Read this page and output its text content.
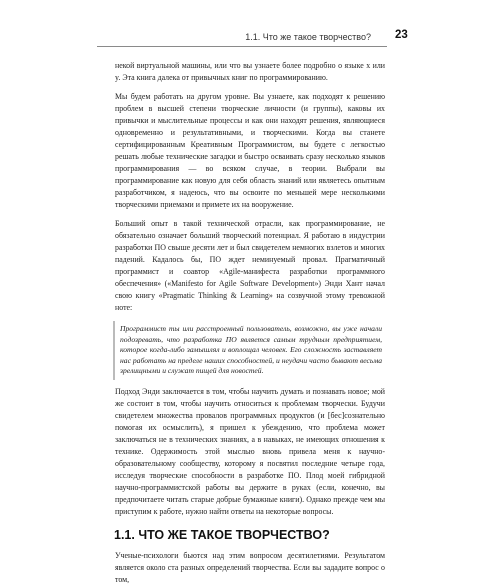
1.1. Что же такое творчество? 23

некой виртуальной машины, или что вы узнаете более подробно о языке x или y. Эта книга далека от привычных книг по программированию.

Мы будем работать на другом уровне. Вы узнаете, как подходят к решению проблем в высшей степени творческие личности (и группы), каковы их привычки и мыслительные процессы и как они находят решения, являющиеся одновременно и результативными, и творческими. Когда вы станете сертифицированным Креативным Программистом, вы будете с легкостью решать любые технические загадки и быстро осваивать сразу несколько языков программирования — во всяком случае, в теории. Выбрали вы программирование как новую для себя область знаний или являетесь опытным разработчиком, я надеюсь, что вы освоите по меньшей мере несколькими творческими приемами и примете их на вооружение.

Больший опыт в такой технической отрасли, как программирование, не обязательно означает больший творческий потенциал. Я работаю в индустрии разработки ПО свыше десяти лет и был свидетелем немногих взлетов и многих падений. Кадалось бы, ПО ждет неминуемый провал. Прагматичный программист и соавтор «Agile-манифеста разработки программного обеспечения» («Manifesto for Agile Software Development») Энди Хант начал свою книгу «Pragmatic Thinking & Learning» на созвучной этому тревожной ноте:

Программист ты или расстроенный пользователь, возможно, вы уже начали подозревать, что разработка ПО является самым трудным предприятием, которое когда-либо замышлял и воплощал человек. Его сложность заставляет нас работать на пределе наших способностей, и неудачи часто бывают весьма зрелищными и служат пищей для новостей.

Подход Энди заключается в том, чтобы научить думать и познавать новое; мой же состоит в том, чтобы научить относиться к проблемам творчески. Будучи свидетелем множества провалов программных продуктов (и [бес]сознательно помогая их осмыслить), я пришел к убеждению, что проблема может заключаться не в технических знаниях, а в навыках, не имеющих отношения к технике. Одержимость этой мыслью вновь привела меня к научно-образовательному сообществу, которому я посвятил последние четыре года, исследуя творческие способности в разработке ПО. Плод моей гибридной научно-программистской работы вы держите в руках (если, конечно, вы предпочитаете читать старые добрые бумажные книги). Однако прежде чем мы приступим к работе, нужно найти ответы на некоторые вопросы.

1.1. ЧТО ЖЕ ТАКОЕ ТВОРЧЕСТВО?

Ученые-психологи бьются над этим вопросом десятилетиями. Результатом является около ста разных определений творчества. Если вы зададите вопрос о том,
